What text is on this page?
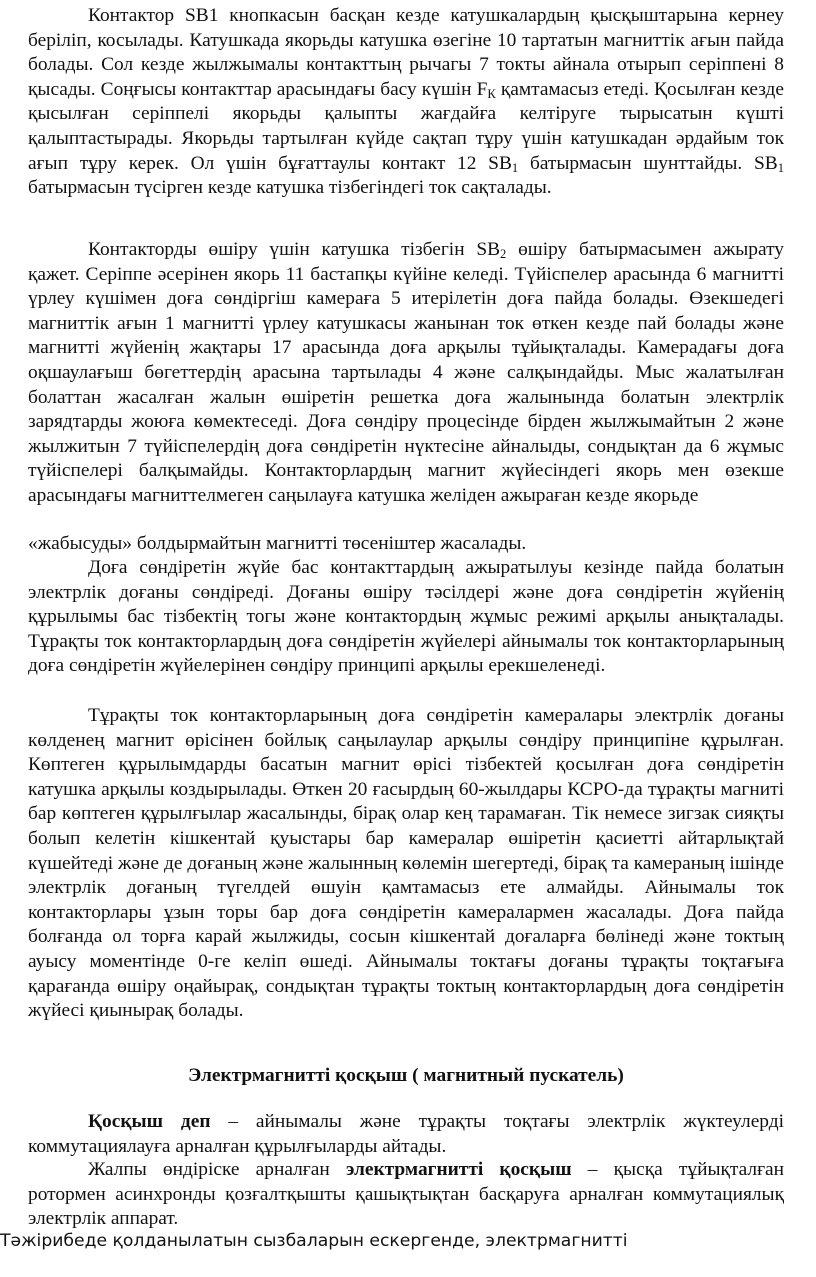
Контактор SB1 кнопкасын басқан кезде катушкалардың қысқыштарына кернеу беріліп, косылады. Катушкада якорьды катушка өзегіне 10 тартатын магниттік ағын пайда болады. Сол кезде жылжымалы контакттың рычагы 7 токты айнала отырып серіппені 8 қысады. Соңғысы контакттар арасындағы басу күшін $F_К$ қамтамасыз етеді. Қосылған кезде қысылған серіппелі якорьды қалыпты жағдайға келтіруге тырысатын күшті қалыптастырады. Якорьды тартылған күйде сақтап тұру үшін катушкадан әрдайым ток ағып тұру керек. Ол үшін бұғаттаулы контакт 12 $SB_1$ батырмасын шунттайды. $SB_1$ батырмасын түсірген кезде катушка тізбегіндегі ток сақталады.

Контакторды өшіру үшін катушка тізбегін $SB_2$ өшіру батырмасымен ажырату қажет. Серіппе әсерінен якорь 11 бастапқы күйіне келеді. Түйіспелер арасында 6 магнитті үрлеу күшімен доға сөндіргіш камераға 5 итерілетін доға пайда болады. Өзекшедегі магниттік ағын 1 магнитті үрлеу катушкасы жанынан ток өткен кезде пай болады және магнитті жүйенің жақтары 17 арасында доға арқылы тұйықталады. Камерадағы доға оқшаулағыш бөгеттердің арасына тартылады 4 және салқындайды. Мыс жалатылған болаттан жасалған жалын өшіретін решетка доға жалынында болатын электрлік зарядтарды жоюға көмектеседі. Доға сөндіру процесінде бірден жылжымайтын 2 және жылжитын 7 түйіспелердің доға сөндіретін нүктесіне айналыды, сондықтан да 6 жұмыс түйіспелері балқымайды. Контакторлардың магнит жүйесіндегі якорь мен өзекше арасындағы магниттелмеген саңылауға катушка желіден ажыраған кезде якорьде

«жабысуды» болдырмайтын магнитті төсеніштер жасалады.

Доға сөндіретін жүйе бас контакттардың ажыратылуы кезінде пайда болатын электрлік доғаны сөндіреді. Доғаны өшіру тәсілдері және доға сөндіретін жүйенің құрылымы бас тізбектің тогы және контактордың жұмыс режимі арқылы анықталады. Тұрақты ток контакторлардың доға сөндіретін жүйелері айнымалы ток контакторларының доға сөндіретін жүйелерінен сөндіру принципі арқылы ерекшеленеді.

Тұрақты ток контакторларының доға сөндіретін камералары электрлік доғаны көлденең магнит өрісінен бойлық саңылаулар арқылы сөндіру принципіне құрылған. Көптеген құрылымдарды басатын магнит өрісі тізбектей қосылған доға сөндіретін катушка арқылы коздырылады. Өткен 20 ғасырдың 60-жылдары КСРО-да тұрақты магниті бар көптеген құрылғылар жасалынды, бірақ олар кең тарамаған. Тік немесе зигзак сияқты болып келетін кішкентай қуыстары бар камералар өшіретін қасиетті айтарлықтай күшейтеді және де доғаның және жалынның көлемін шегертеді, бірақ та камераның ішінде электрлік доғаның түгелдей өшуін қамтамасыз ете алмайды. Айнымалы ток контакторлары ұзын торы бар доға сөндіретін камералармен жасалады. Доға пайда болғанда ол торға карай жылжиды, сосын кішкентай доғаларға бөлінеді және токтың ауысу моментінде 0-ге келіп өшеді. Айнымалы токтағы доғаны тұрақты тоқтағыға қарағанда өшіру оңайырақ, сондықтан тұрақты токтың контакторлардың доға сөндіретін жүйесі қиынырақ болады.

Электрмагнитті қосқыш ( магнитный пускатель)

Қосқыш деп – айнымалы және тұрақты тоқтағы электрлік жүктеулерді коммутациялауға арналған құрылғыларды айтады.

Жалпы өндіріске арналған электрмагнитті қосқыш – қысқа тұйықталған ротормен асинхронды қозғалтқышты қашықтықтан басқаруға арналған коммутациялық электрлік аппарат.

Тәжірибеде қолданылатын сызбаларын ескергенде, электрмагнитті
